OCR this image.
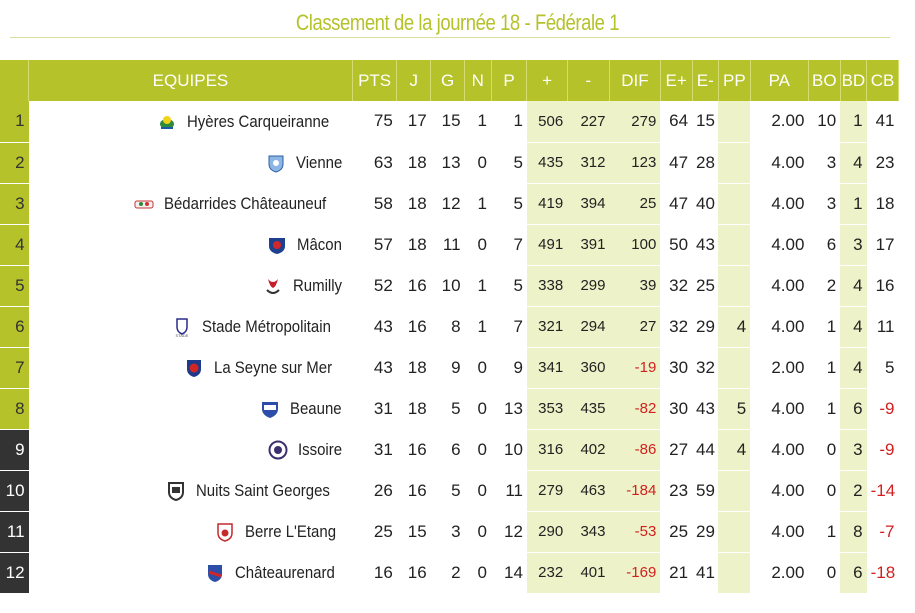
Classement de la journée 18 - Fédérale 1
	EQUIPES	PTS	J	G	N	P	+	-	DIF	E+	E-	PP	PA	BO	BD	CB
1	Hyères Carqueiranne	75	17	15	1	1	506	227	279	64	15		2.00	10	1	41
2	Vienne	63	18	13	0	5	435	312	123	47	28		4.00	3	4	23
3	Bédarrides Châteauneuf	58	18	12	1	5	419	394	25	47	40		4.00	3	1	18
4	Mâcon	57	18	11	0	7	491	391	100	50	43		4.00	6	3	17
5	Rumilly	52	16	10	1	5	338	299	39	32	25		4.00	2	4	16
6	STADE Stade Métropolitain	43	16	8	1	7	321	294	27	32	29	4	4.00	1	4	11
7	La Seyne sur Mer	43	18	9	0	9	341	360	-19	30	32		2.00	1	4	5
8	Beaune	31	18	5	0	13	353	435	-82	30	43	5	4.00	1	6	-9
9	Issoire	31	16	6	0	10	316	402	-86	27	44	4	4.00	0	3	-9
10	Nuits Saint Georges	26	16	5	0	11	279	463	-184	23	59		4.00	0	2	-14
11	Berre L'Etang	25	15	3	0	12	290	343	-53	25	29		4.00	1	8	-7
12	Châteaurenard	16	16	2	0	14	232	401	-169	21	41		2.00	0	6	-18
